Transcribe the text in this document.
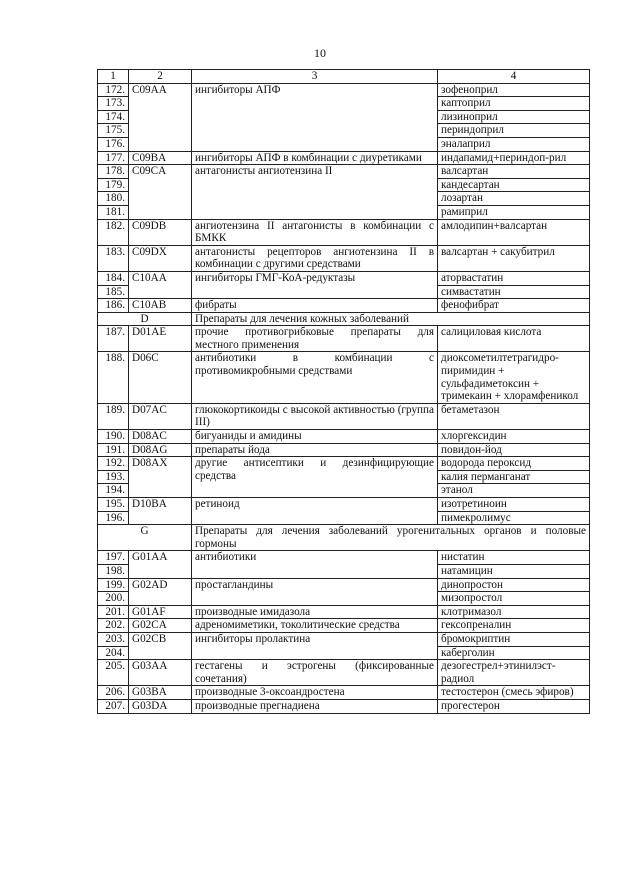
10
1	2	3	4
172.	C09AA	ингибиторы АПФ	зофеноприл
173.			каптоприл
174.			лизиноприл
175.			периндоприл
176.			эналаприл
177.	C09BA	ингибиторы АПФ в комбинации с диуретиками	индапамид+периндоп-рил
178.	C09CA	антагонисты ангиотензина II	валсартан
179.			кандесартан
180.			лозартан
181.			рамиприл
182.	C09DB	ангиотензина II антагонисты в комбинации с БМКК	амлодипин+валсартан
183.	C09DX	антагонисты рецепторов ангиотензина II в комбинации с другими средствами	валсартан + сакубитрил
184.	C10AA	ингибиторы ГМГ-КоА-редуктазы	аторвастатин
185.			симвастатин
186.	C10AB	фибраты	фенофибрат
D		Препараты для лечения кожных заболеваний	
187.	D01AE	прочие противогрибковые препараты для местного применения	салициловая кислота
188.	D06C	антибиотики в комбинации с противомикробными средствами	диоксометилтетрагидро-пиримидин + сульфадиметоксин + тримекаин + хлорамфеникол
189.	D07AC	глюкокортикоиды с высокой активностью (группа III)	бетаметазон
190.	D08AC	бигуаниды и амидины	хлоргексидин
191.	D08AG	препараты йода	повидон-йод
192.	D08AX	другие антисептики и дезинфицирующие средства	водорода пероксид
193.			калия перманганат
194.			этанол
195.	D10BA	ретиноид	изотретиноин
196.			пимекролимус
G		Препараты для лечения заболеваний урогенитальных органов и половые гормоны	
197.	G01AA	антибиотики	нистатин
198.			натамицин
199.	G02AD	простагландины	динопростон
200.			мизопростол
201.	G01AF	производные имидазола	клотримазол
202.	G02CA	адреномиметики, токолитические средства	гексопреналин
203.	G02CB	ингибиторы пролактина	бромокриптин
204.			каберголин
205.	G03AA	гестагены и эстрогены (фиксированные сочетания)	дезогестрел+этинилэст-радиол
206.	G03BA	производные 3-оксоандростена	тестостерон (смесь эфиров)
207.	G03DA	производные прегнадиена	прогестерон
